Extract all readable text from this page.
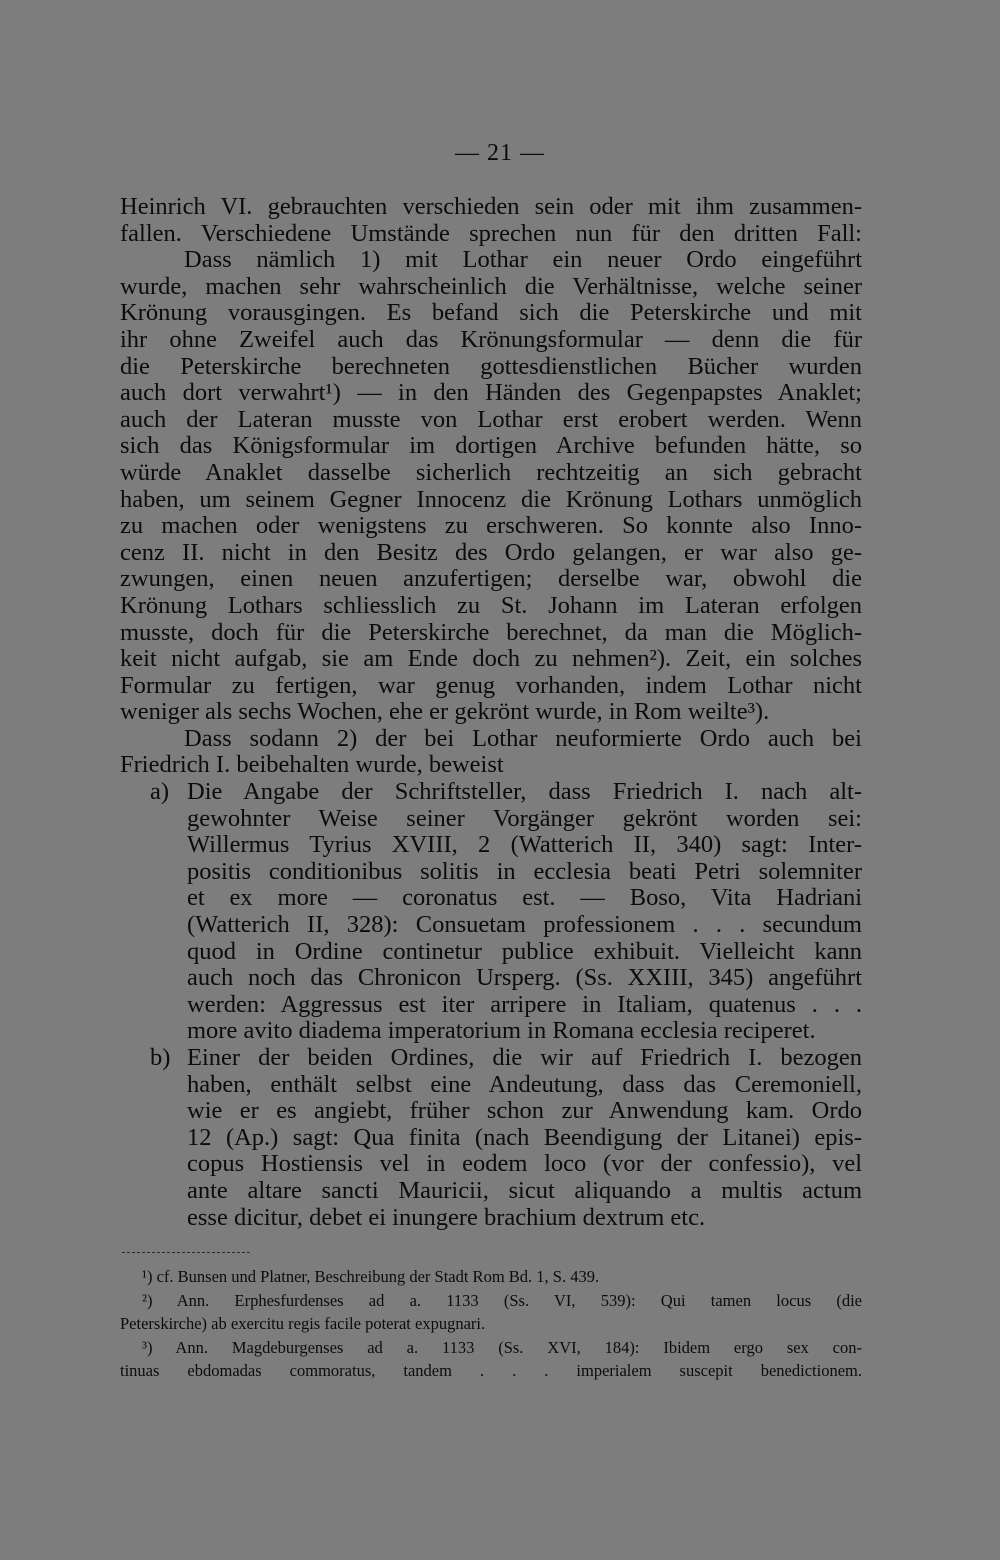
— 21 —
Heinrich VI. gebrauchten verschieden sein oder mit ihm zusammen-
fallen. Verschiedene Umstände sprechen nun für den dritten Fall:
Dass nämlich 1) mit Lothar ein neuer Ordo eingeführt
wurde, machen sehr wahrscheinlich die Verhältnisse, welche seiner
Krönung vorausgingen. Es befand sich die Peterskirche und mit
ihr ohne Zweifel auch das Krönungsformular — denn die für
die Peterskirche berechneten gottesdienstlichen Bücher wurden
auch dort verwahrt¹) — in den Händen des Gegenpapstes Anaklet;
auch der Lateran musste von Lothar erst erobert werden. Wenn
sich das Königsformular im dortigen Archive befunden hätte, so
würde Anaklet dasselbe sicherlich rechtzeitig an sich gebracht
haben, um seinem Gegner Innocenz die Krönung Lothars unmöglich
zu machen oder wenigstens zu erschweren. So konnte also Inno-
cenz II. nicht in den Besitz des Ordo gelangen, er war also ge-
zwungen, einen neuen anzufertigen; derselbe war, obwohl die
Krönung Lothars schliesslich zu St. Johann im Lateran erfolgen
musste, doch für die Peterskirche berechnet, da man die Möglich-
keit nicht aufgab, sie am Ende doch zu nehmen²). Zeit, ein solches
Formular zu fertigen, war genug vorhanden, indem Lothar nicht
weniger als sechs Wochen, ehe er gekrönt wurde, in Rom weilte³).
Dass sodann 2) der bei Lothar neuformierte Ordo auch bei
Friedrich I. beibehalten wurde, beweist
a) Die Angabe der Schriftsteller, dass Friedrich I. nach alt-
gewohnter Weise seiner Vorgänger gekrönt worden sei:
Willermus Tyrius XVIII, 2 (Watterich II, 340) sagt: Inter-
positis conditionibus solitis in ecclesia beati Petri solemniter
et ex more — coronatus est. — Boso, Vita Hadriani
(Watterich II, 328): Consuetam professionem . . . secundum
quod in Ordine continetur publice exhibuit. Vielleicht kann
auch noch das Chronicon Ursperg. (Ss. XXIII, 345) angeführt
werden: Aggressus est iter arripere in Italiam, quatenus . . .
more avito diadema imperatorium in Romana ecclesia reciperet.
b) Einer der beiden Ordines, die wir auf Friedrich I. bezogen
haben, enthält selbst eine Andeutung, dass das Ceremoniell,
wie er es angiebt, früher schon zur Anwendung kam. Ordo
12 (Ap.) sagt: Qua finita (nach Beendigung der Litanei) epis-
copus Hostiensis vel in eodem loco (vor der confessio), vel
ante altare sancti Mauricii, sicut aliquando a multis actum
esse dicitur, debet ei inungere brachium dextrum etc.
¹) cf. Bunsen und Platner, Beschreibung der Stadt Rom Bd. 1, S. 439.
²) Ann. Erphesfurdenses ad a. 1133 (Ss. VI, 539): Qui tamen locus (die
Peterskirche) ab exercitu regis facile poterat expugnari.
³) Ann. Magdeburgenses ad a. 1133 (Ss. XVI, 184): Ibidem ergo sex con-
tinuas ebdomadas commoratus, tandem . . . imperialem suscepit benedictionem.
